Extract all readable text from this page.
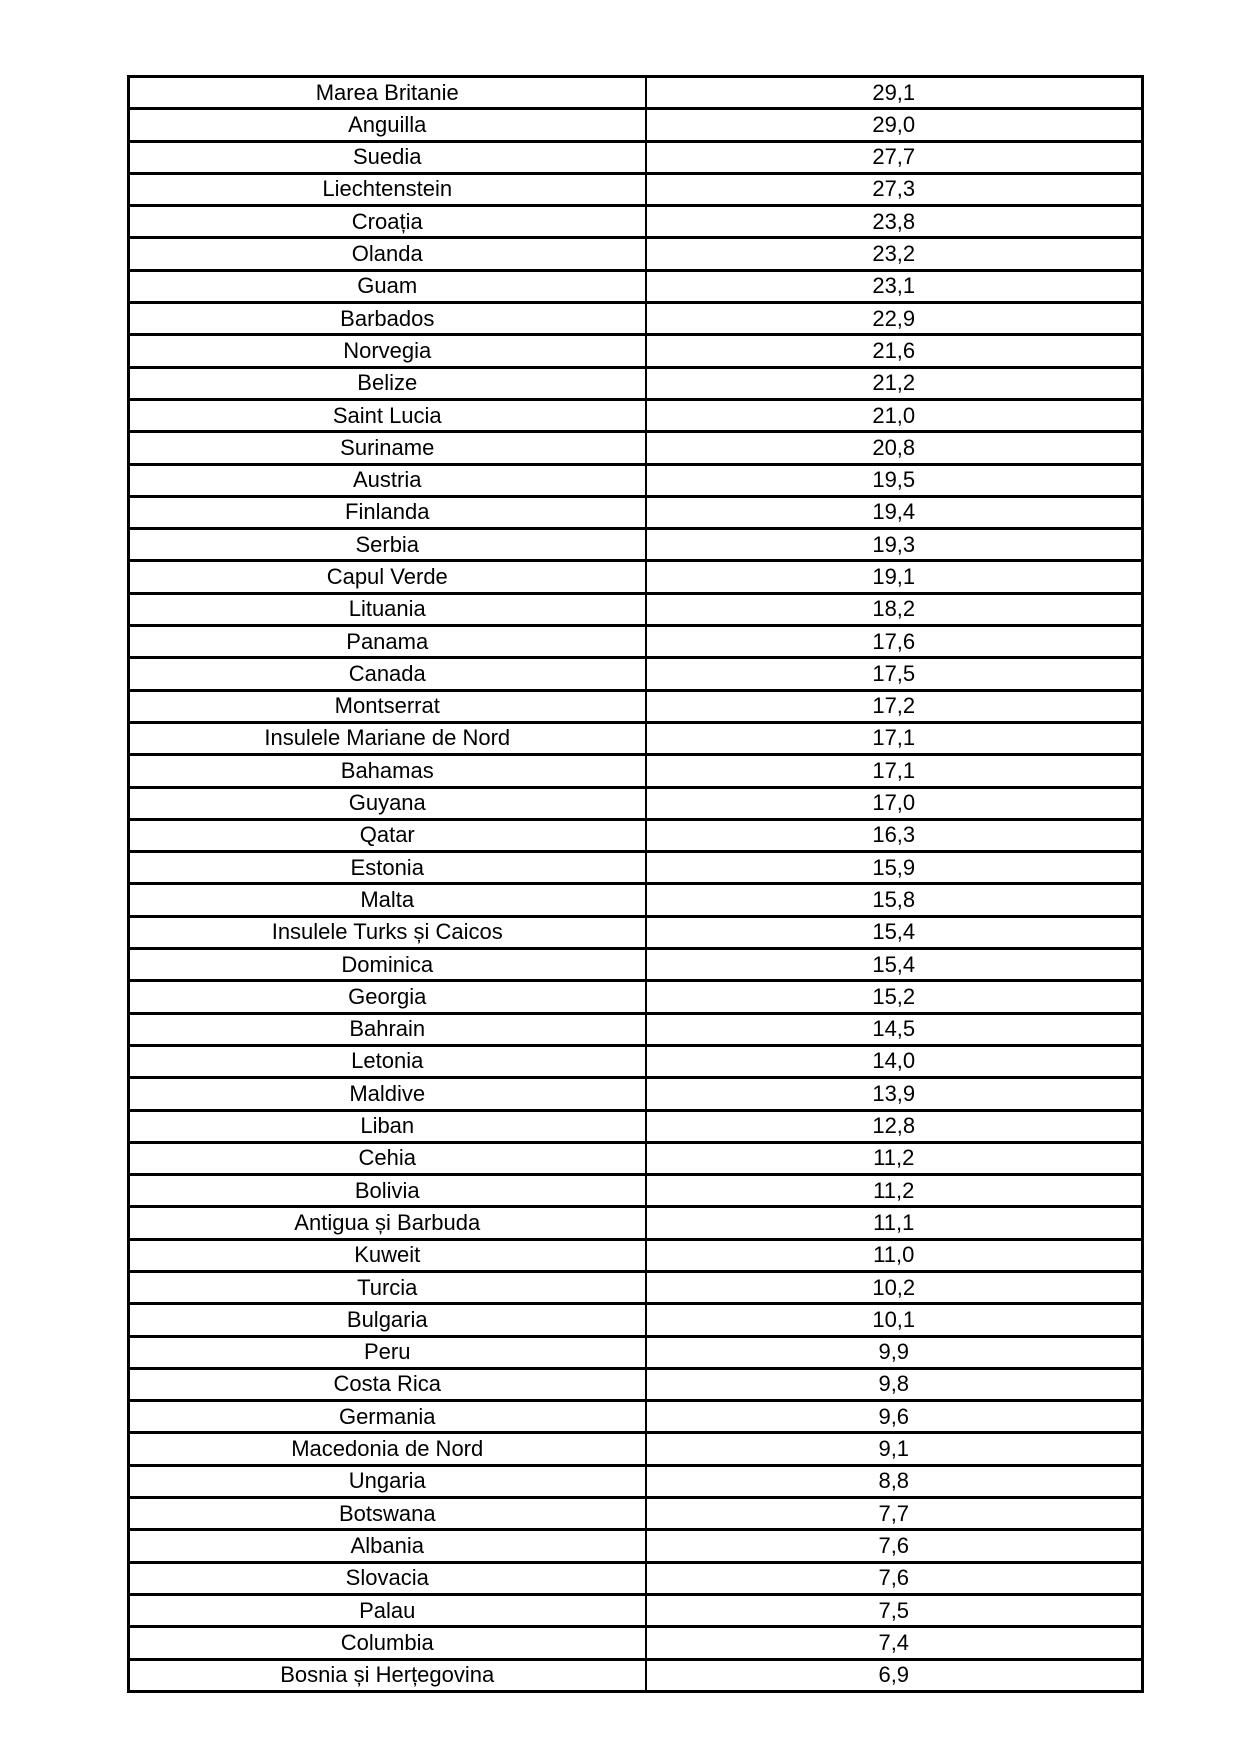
Marea Britanie	29,1
Anguilla	29,0
Suedia	27,7
Liechtenstein	27,3
Croația	23,8
Olanda	23,2
Guam	23,1
Barbados	22,9
Norvegia	21,6
Belize	21,2
Saint Lucia	21,0
Suriname	20,8
Austria	19,5
Finlanda	19,4
Serbia	19,3
Capul Verde	19,1
Lituania	18,2
Panama	17,6
Canada	17,5
Montserrat	17,2
Insulele Mariane de Nord	17,1
Bahamas	17,1
Guyana	17,0
Qatar	16,3
Estonia	15,9
Malta	15,8
Insulele Turks și Caicos	15,4
Dominica	15,4
Georgia	15,2
Bahrain	14,5
Letonia	14,0
Maldive	13,9
Liban	12,8
Cehia	11,2
Bolivia	11,2
Antigua și Barbuda	11,1
Kuweit	11,0
Turcia	10,2
Bulgaria	10,1
Peru	9,9
Costa Rica	9,8
Germania	9,6
Macedonia de Nord	9,1
Ungaria	8,8
Botswana	7,7
Albania	7,6
Slovacia	7,6
Palau	7,5
Columbia	7,4
Bosnia și Herțegovina	6,9
